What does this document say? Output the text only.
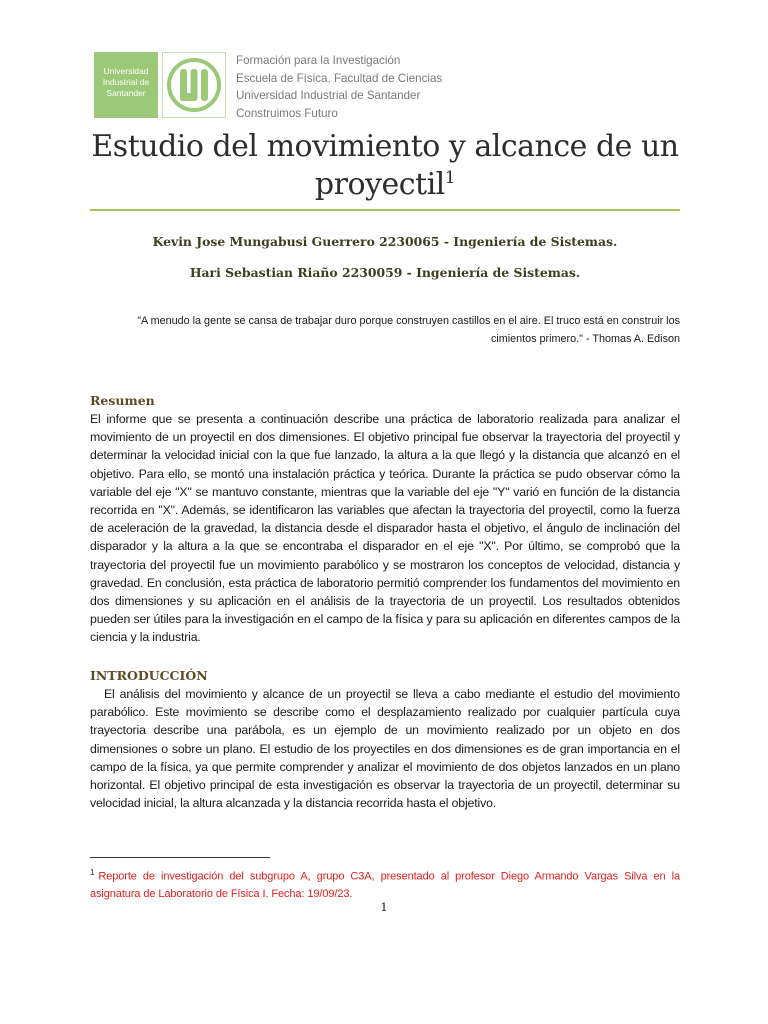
Universidad
Industrial de
Santander
Formación para la Investigación
Escuela de Física, Facultad de Ciencias
Universidad Industrial de Santander
Construimos Futuro
Estudio del movimiento y alcance de un proyectil$^1$
Kevin Jose Mungabusi Guerrero 2230065 - Ingeniería de Sistemas.
Hari Sebastian Riaño 2230059 - Ingeniería de Sistemas.

"A menudo la gente se cansa de trabajar duro porque construyen castillos en el aire. El truco está en construir los cimientos primero." - Thomas A. Edison

Resumen

El informe que se presenta a continuación describe una práctica de laboratorio realizada para analizar el movimiento de un proyectil en dos dimensiones. El objetivo principal fue observar la trayectoria del proyectil y determinar la velocidad inicial con la que fue lanzado, la altura a la que llegó y la distancia que alcanzó en el objetivo. Para ello, se montó una instalación práctica y teórica. Durante la práctica se pudo observar cómo la variable del eje "X" se mantuvo constante, mientras que la variable del eje "Y" varió en función de la distancia recorrida en "X". Además, se identificaron las variables que afectan la trayectoria del proyectil, como la fuerza de aceleración de la gravedad, la distancia desde el disparador hasta el objetivo, el ángulo de inclinación del disparador y la altura a la que se encontraba el disparador en el eje "X". Por último, se comprobó que la trayectoria del proyectil fue un movimiento parabólico y se mostraron los conceptos de velocidad, distancia y gravedad. En conclusión, esta práctica de laboratorio permitió comprender los fundamentos del movimiento en dos dimensiones y su aplicación en el análisis de la trayectoria de un proyectil. Los resultados obtenidos pueden ser útiles para la investigación en el campo de la física y para su aplicación en diferentes campos de la ciencia y la industria.

INTRODUCCIÓN

El análisis del movimiento y alcance de un proyectil se lleva a cabo mediante el estudio del movimiento parabólico. Este movimiento se describe como el desplazamiento realizado por cualquier partícula cuya trayectoria describe una parábola, es un ejemplo de un movimiento realizado por un objeto en dos dimensiones o sobre un plano. El estudio de los proyectiles en dos dimensiones es de gran importancia en el campo de la física, ya que permite comprender y analizar el movimiento de dos objetos lanzados en un plano horizontal. El objetivo principal de esta investigación es observar la trayectoria de un proyectil, determinar su velocidad inicial, la altura alcanzada y la distancia recorrida hasta el objetivo.

$^1$ Reporte de investigación del subgrupo A, grupo C3A, presentado al profesor Diego Armando Vargas Silva en la asignatura de Laboratorio de Física I. Fecha: 19/09/23.

1
